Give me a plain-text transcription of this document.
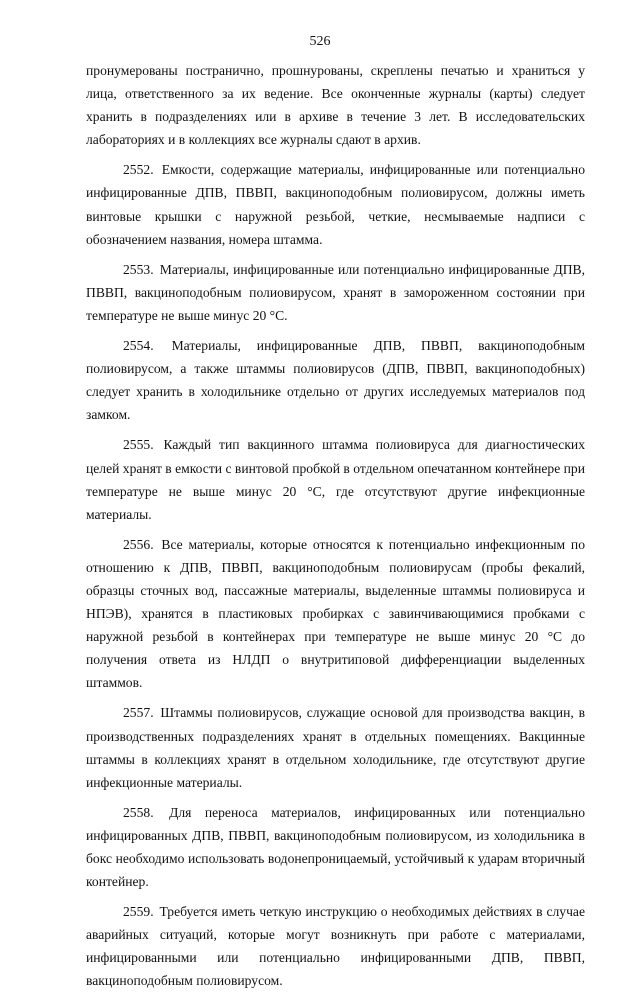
526

пронумерованы постранично, прошнурованы, скреплены печатью и храниться у лица, ответственного за их ведение. Все оконченные журналы (карты) следует хранить в подразделениях или в архиве в течение 3 лет. В исследовательских лабораториях и в коллекциях все журналы сдают в архив.

2552. Емкости, содержащие материалы, инфицированные или потенциально инфицированные ДПВ, ПВВП, вакциноподобным полиовирусом, должны иметь винтовые крышки с наружной резьбой, четкие, несмываемые надписи с обозначением названия, номера штамма.

2553. Материалы, инфицированные или потенциально инфицированные ДПВ, ПВВП, вакциноподобным полиовирусом, хранят в замороженном состоянии при температуре не выше минус 20 °С.

2554. Материалы, инфицированные ДПВ, ПВВП, вакциноподобным полиовирусом, а также штаммы полиовирусов (ДПВ, ПВВП, вакциноподобных) следует хранить в холодильнике отдельно от других исследуемых материалов под замком.

2555. Каждый тип вакцинного штамма полиовируса для диагностических целей хранят в емкости с винтовой пробкой в отдельном опечатанном контейнере при температуре не выше минус 20 °С, где отсутствуют другие инфекционные материалы.

2556. Все материалы, которые относятся к потенциально инфекционным по отношению к ДПВ, ПВВП, вакциноподобным полиовирусам (пробы фекалий, образцы сточных вод, пассажные материалы, выделенные штаммы полиовируса и НПЭВ), хранятся в пластиковых пробирках с завинчивающимися пробками с наружной резьбой в контейнерах при температуре не выше минус 20 °С до получения ответа из НЛДП о внутритиповой дифференциации выделенных штаммов.

2557. Штаммы полиовирусов, служащие основой для производства вакцин, в производственных подразделениях хранят в отдельных помещениях. Вакцинные штаммы в коллекциях хранят в отдельном холодильнике, где отсутствуют другие инфекционные материалы.

2558. Для переноса материалов, инфицированных или потенциально инфицированных ДПВ, ПВВП, вакциноподобным полиовирусом, из холодильника в бокс необходимо использовать водонепроницаемый, устойчивый к ударам вторичный контейнер.

2559. Требуется иметь четкую инструкцию о необходимых действиях в случае аварийных ситуаций, которые могут возникнуть при работе с материалами, инфицированными или потенциально инфицированными ДПВ, ПВВП, вакциноподобным полиовирусом.
